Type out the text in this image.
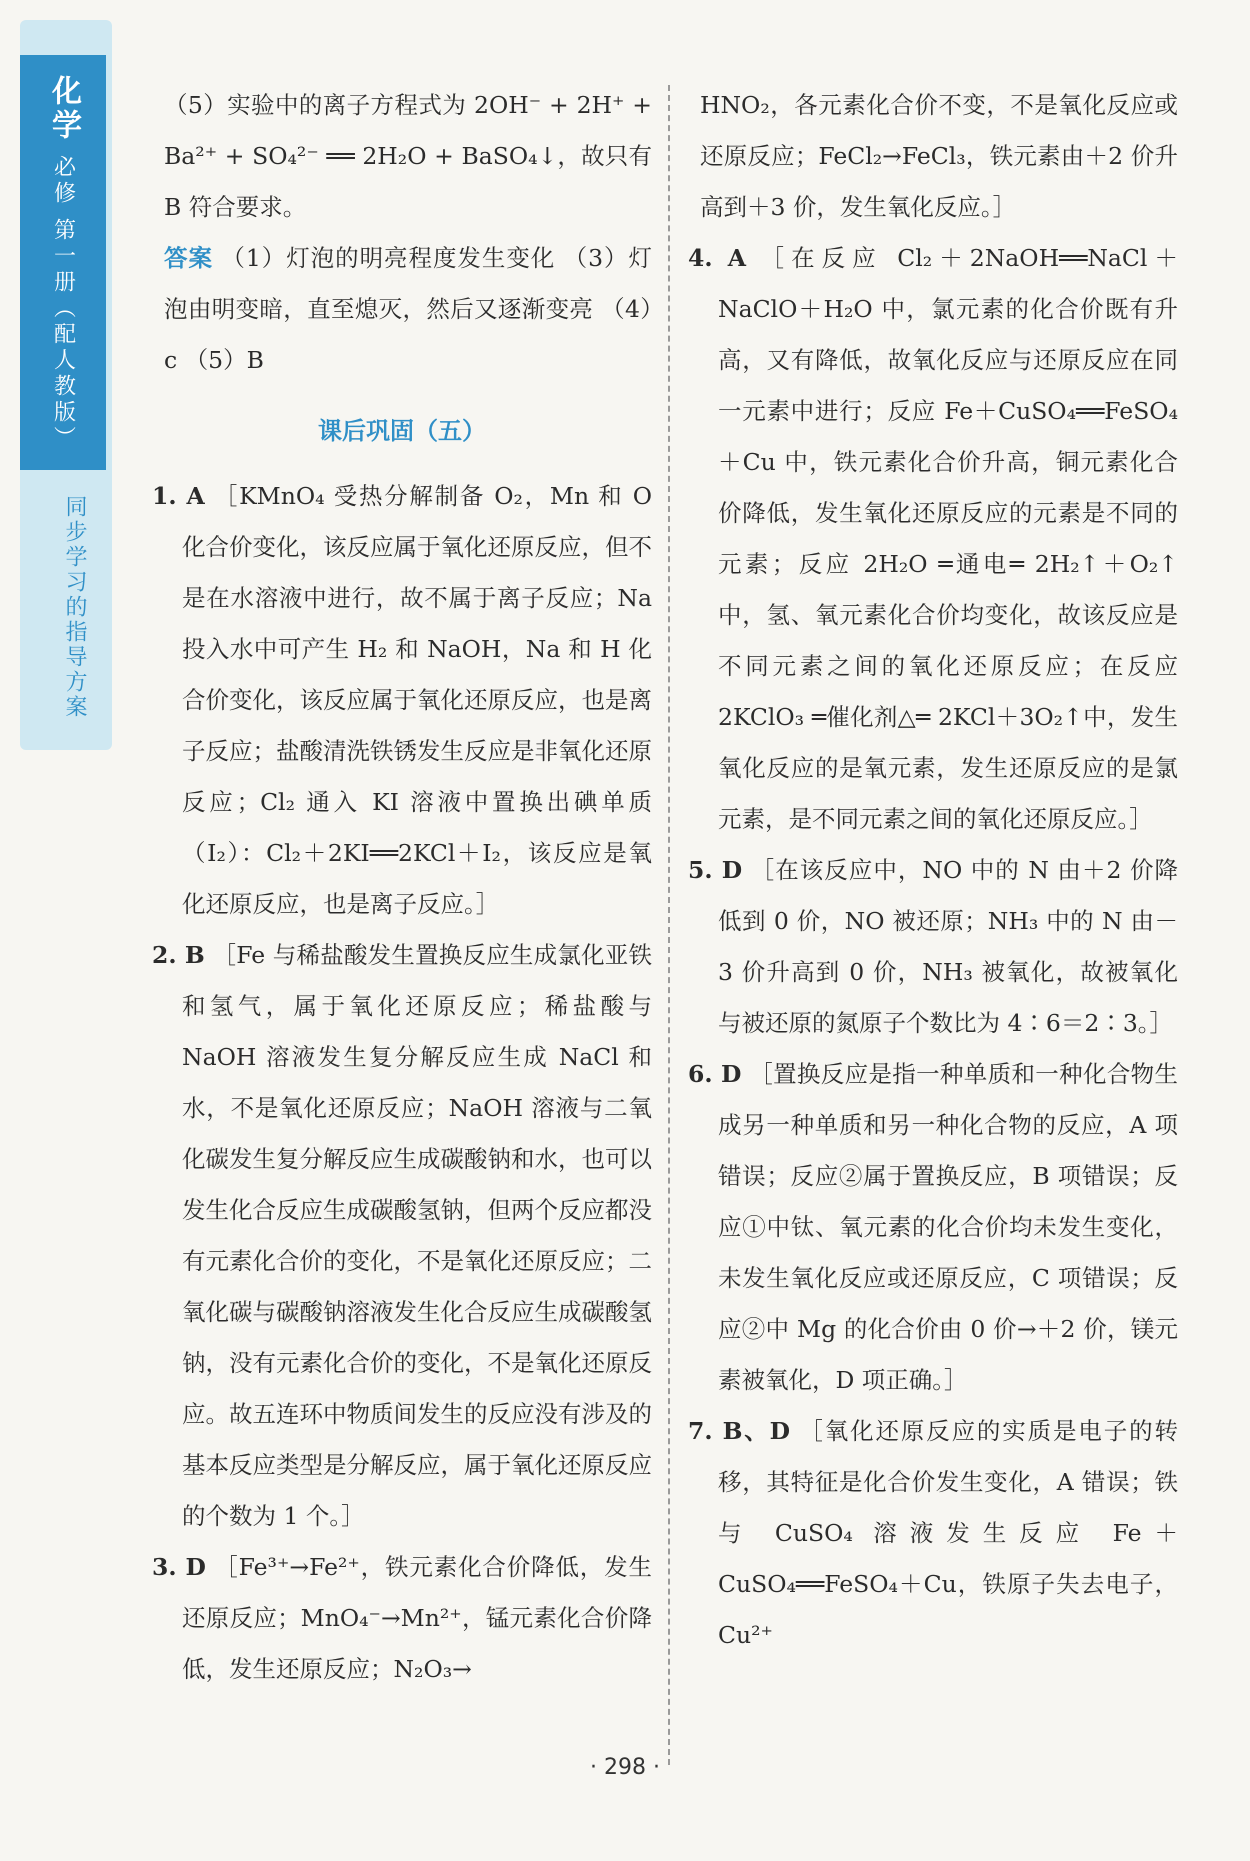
化学
必修 第一册（配人教版）
同步学习的指导方案

（5）实验中的离子方程式为 2OH⁻ + 2H⁺ + Ba²⁺ + SO₄²⁻ ══ 2H₂O + BaSO₄↓，故只有 B 符合要求。

答案 （1）灯泡的明亮程度发生变化 （3）灯泡由明变暗，直至熄灭，然后又逐渐变亮 （4）c （5）B

课后巩固（五）

1. A ［KMnO₄ 受热分解制备 O₂，Mn 和 O 化合价变化，该反应属于氧化还原反应，但不是在水溶液中进行，故不属于离子反应；Na 投入水中可产生 H₂ 和 NaOH，Na 和 H 化合价变化，该反应属于氧化还原反应，也是离子反应；盐酸清洗铁锈发生反应是非氧化还原反应；Cl₂ 通入 KI 溶液中置换出碘单质（I₂）：Cl₂＋2KI══2KCl＋I₂，该反应是氧化还原反应，也是离子反应。］

2. B ［Fe 与稀盐酸发生置换反应生成氯化亚铁和氢气，属于氧化还原反应；稀盐酸与 NaOH 溶液发生复分解反应生成 NaCl 和水，不是氧化还原反应；NaOH 溶液与二氧化碳发生复分解反应生成碳酸钠和水，也可以发生化合反应生成碳酸氢钠，但两个反应都没有元素化合价的变化，不是氧化还原反应；二氧化碳与碳酸钠溶液发生化合反应生成碳酸氢钠，没有元素化合价的变化，不是氧化还原反应。故五连环中物质间发生的反应没有涉及的基本反应类型是分解反应，属于氧化还原反应的个数为 1 个。］

3. D ［Fe³⁺→Fe²⁺，铁元素化合价降低，发生还原反应；MnO₄⁻→Mn²⁺，锰元素化合价降低，发生还原反应；N₂O₃→

HNO₂，各元素化合价不变，不是氧化反应或还原反应；FeCl₂→FeCl₃，铁元素由＋2 价升高到＋3 价，发生氧化反应。］

4. A ［在反应 Cl₂＋2NaOH══NaCl＋NaClO＋H₂O 中，氯元素的化合价既有升高，又有降低，故氧化反应与还原反应在同一元素中进行；反应 Fe＋CuSO₄══FeSO₄＋Cu 中，铁元素化合价升高，铜元素化合价降低，发生氧化还原反应的元素是不同的元素；反应 2H₂O ═通电═ 2H₂↑＋O₂↑中，氢、氧元素化合价均变化，故该反应是不同元素之间的氧化还原反应；在反应 2KClO₃ ═催化剂△═ 2KCl＋3O₂↑中，发生氧化反应的是氧元素，发生还原反应的是氯元素，是不同元素之间的氧化还原反应。］

5. D ［在该反应中，NO 中的 N 由＋2 价降低到 0 价，NO 被还原；NH₃ 中的 N 由－3 价升高到 0 价，NH₃ 被氧化，故被氧化与被还原的氮原子个数比为 4∶6＝2∶3。］

6. D ［置换反应是指一种单质和一种化合物生成另一种单质和另一种化合物的反应，A 项错误；反应②属于置换反应，B 项错误；反应①中钛、氧元素的化合价均未发生变化，未发生氧化反应或还原反应，C 项错误；反应②中 Mg 的化合价由 0 价→＋2 价，镁元素被氧化，D 项正确。］

7. B、D ［氧化还原反应的实质是电子的转移，其特征是化合价发生变化，A 错误；铁与 CuSO₄ 溶液发生反应 Fe＋CuSO₄══FeSO₄＋Cu，铁原子失去电子，Cu²⁺

· 298 ·
